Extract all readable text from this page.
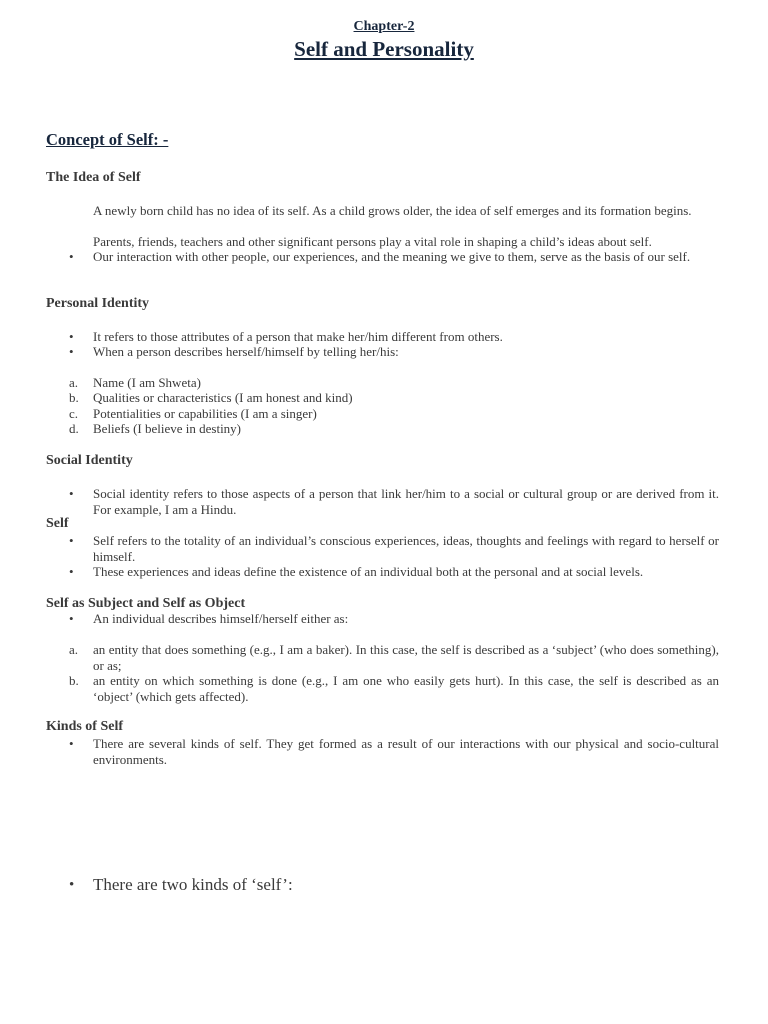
Chapter-2
Self and Personality
Concept of Self: -
The Idea of Self
A newly born child has no idea of its self. As a child grows older, the idea of self emerges and its formation begins.
Parents, friends, teachers and other significant persons play a vital role in shaping a child’s ideas about self.
• Our interaction with other people, our experiences, and the meaning we give to them, serve as the basis of our self.
Personal Identity
• It refers to those attributes of a person that make her/him different from others.
• When a person describes herself/himself by telling her/his:
a. Name (I am Shweta)
b. Qualities or characteristics (I am honest and kind)
c. Potentialities or capabilities (I am a singer)
d. Beliefs (I believe in destiny)
Social Identity
• Social identity refers to those aspects of a person that link her/him to a social or cultural group or are derived from it. For example, I am a Hindu.
Self
• Self refers to the totality of an individual’s conscious experiences, ideas, thoughts and feelings with regard to herself or himself.
• These experiences and ideas define the existence of an individual both at the personal and at social levels.
Self as Subject and Self as Object
• An individual describes himself/herself either as:
a. an entity that does something (e.g., I am a baker). In this case, the self is described as a ‘subject’ (who does something), or as;
b. an entity on which something is done (e.g., I am one who easily gets hurt). In this case, the self is described as an ‘object’ (which gets affected).
Kinds of Self
• There are several kinds of self. They get formed as a result of our interactions with our physical and socio-cultural environments.
• There are two kinds of ‘self’:
